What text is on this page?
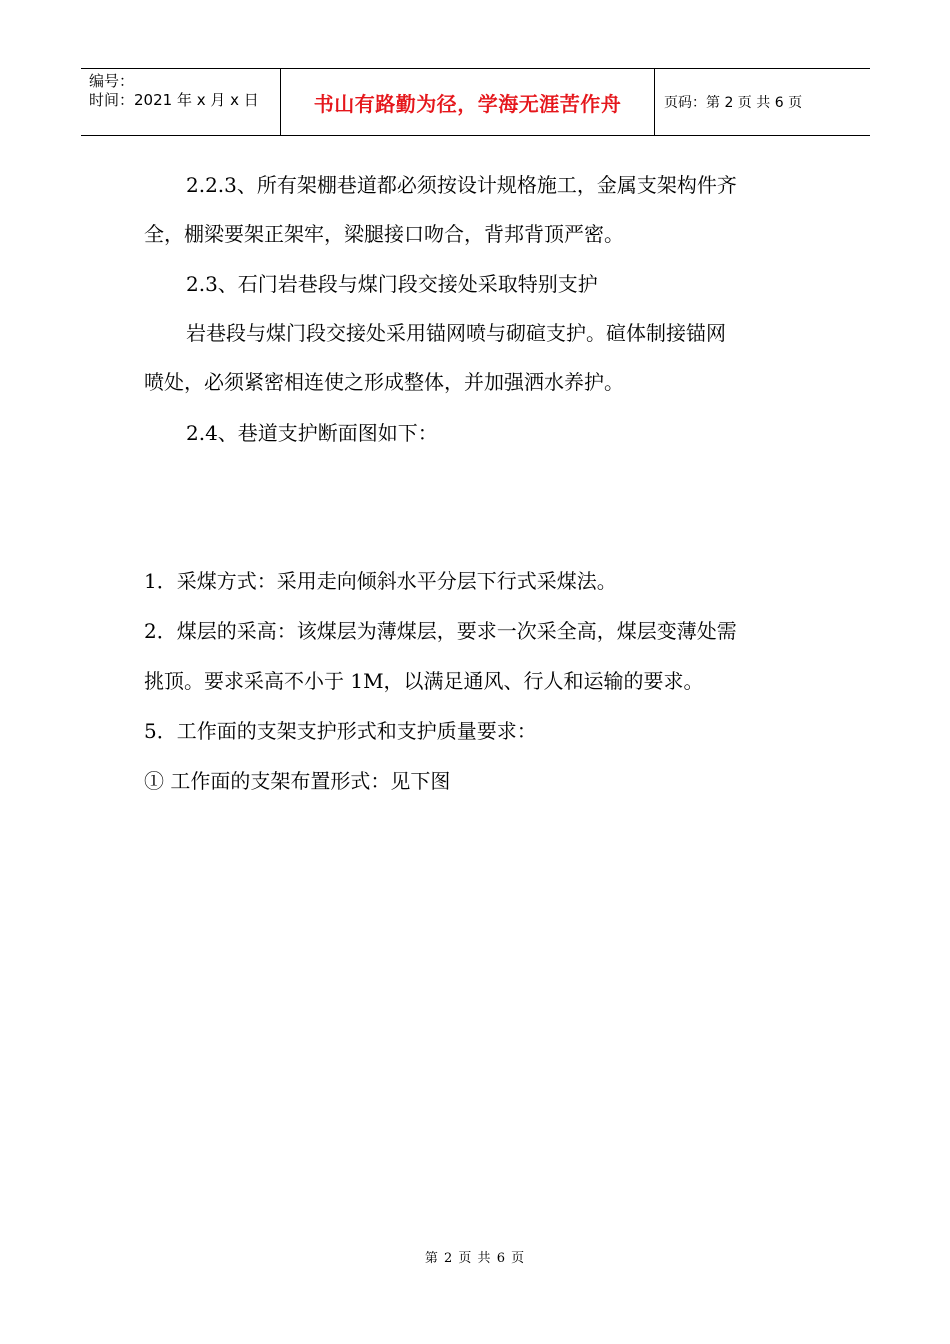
编号：
时间：2021 年 x 月 x 日	书山有路勤为径，学海无涯苦作舟	页码：第 2 页 共 6 页
2.2.3、所有架棚巷道都必须按设计规格施工，金属支架构件齐
全，棚梁要架正架牢，梁腿接口吻合，背邦背顶严密。
2.3、石门岩巷段与煤门段交接处采取特别支护
岩巷段与煤门段交接处采用锚网喷与砌碹支护。碹体制接锚网
喷处，必须紧密相连使之形成整体，并加强洒水养护。
2.4、巷道支护断面图如下：
1．采煤方式：采用走向倾斜水平分层下行式采煤法。
2．煤层的采高：该煤层为薄煤层，要求一次采全高，煤层变薄处需
挑顶。要求采高不小于 1M，以满足通风、行人和运输的要求。
5．工作面的支架支护形式和支护质量要求：
① 工作面的支架布置形式：见下图
第 2 页 共 6 页
